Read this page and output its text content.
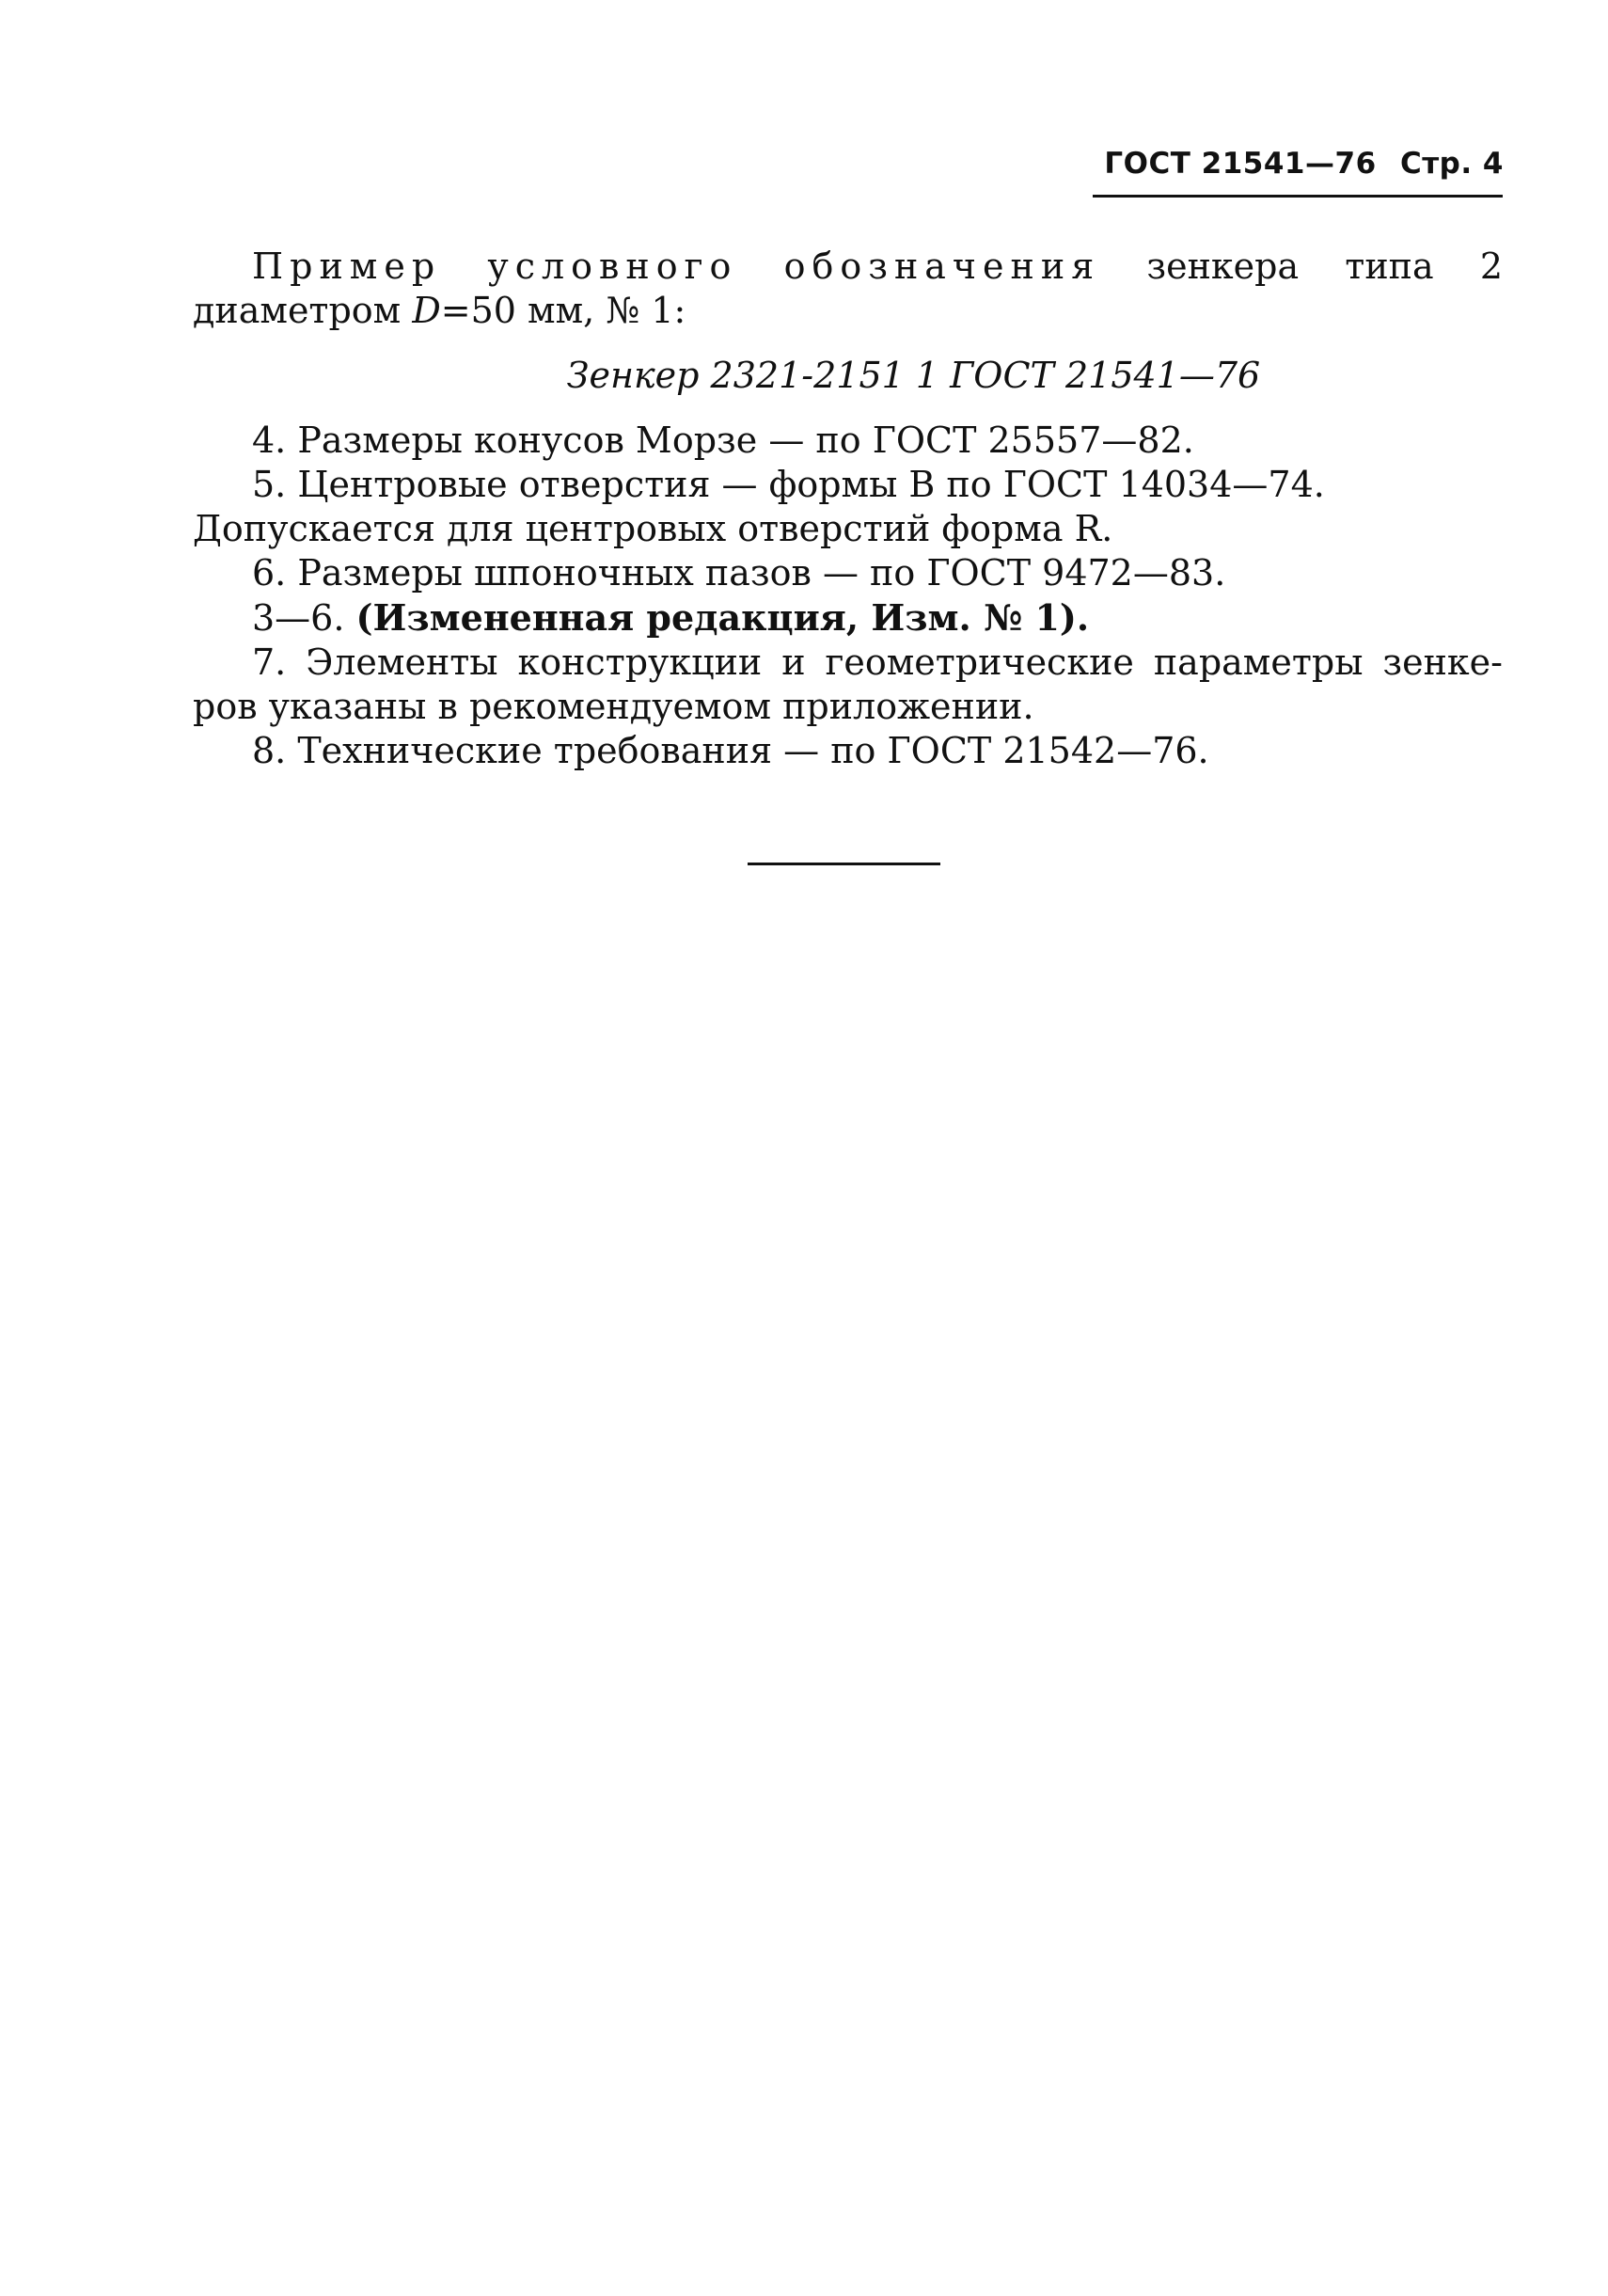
ГОСТ 21541—76 Стр. 4

Пример условного обозначения зенкера типа 2

диаметром D=50 мм, № 1:

Зенкер 2321-2151 1 ГОСТ 21541—76

4. Размеры конусов Морзе — по ГОСТ 25557—82.

5. Центровые отверстия — формы В по ГОСТ 14034—74.

Допускается для центровых отверстий форма R.

6. Размеры шпоночных пазов — по ГОСТ 9472—83.

3—6. (Измененная редакция, Изм. № 1).

7. Элементы конструкции и геометрические параметры зенке-

ров указаны в рекомендуемом приложении.

8. Технические требования — по ГОСТ 21542—76.
